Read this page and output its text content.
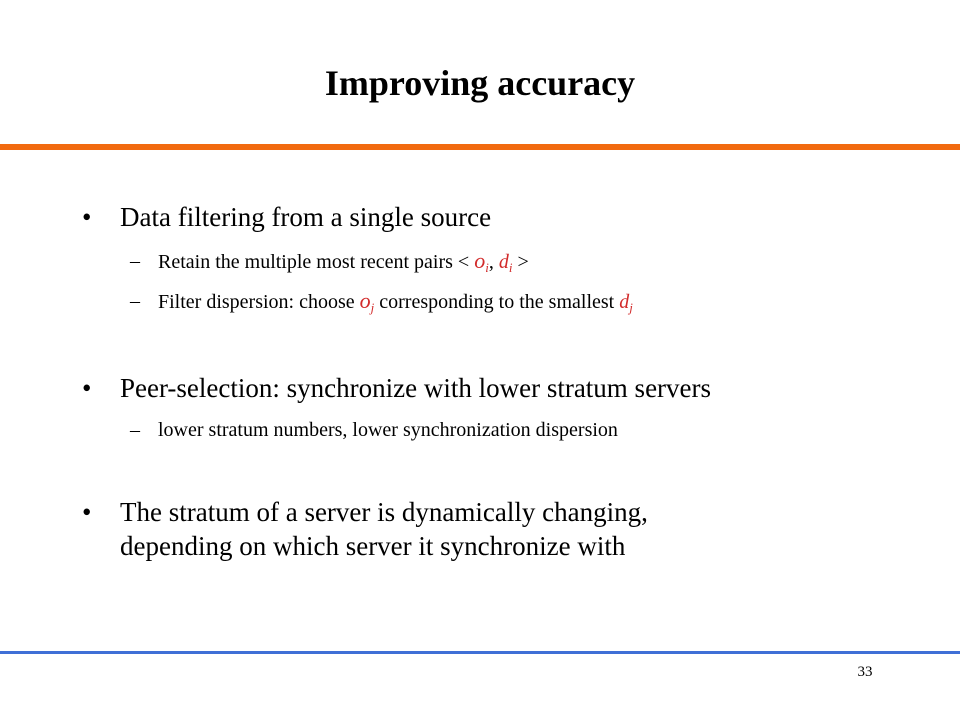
Improving accuracy
• Data filtering from a single source
– Retain the multiple most recent pairs < $o_i$, $d_i$ >
– Filter dispersion: choose $o_j$ corresponding to the smallest $d_j$
• Peer-selection: synchronize with lower stratum servers
– lower stratum numbers, lower synchronization dispersion
• The stratum of a server is dynamically changing,
depending on which server it synchronize with
33
